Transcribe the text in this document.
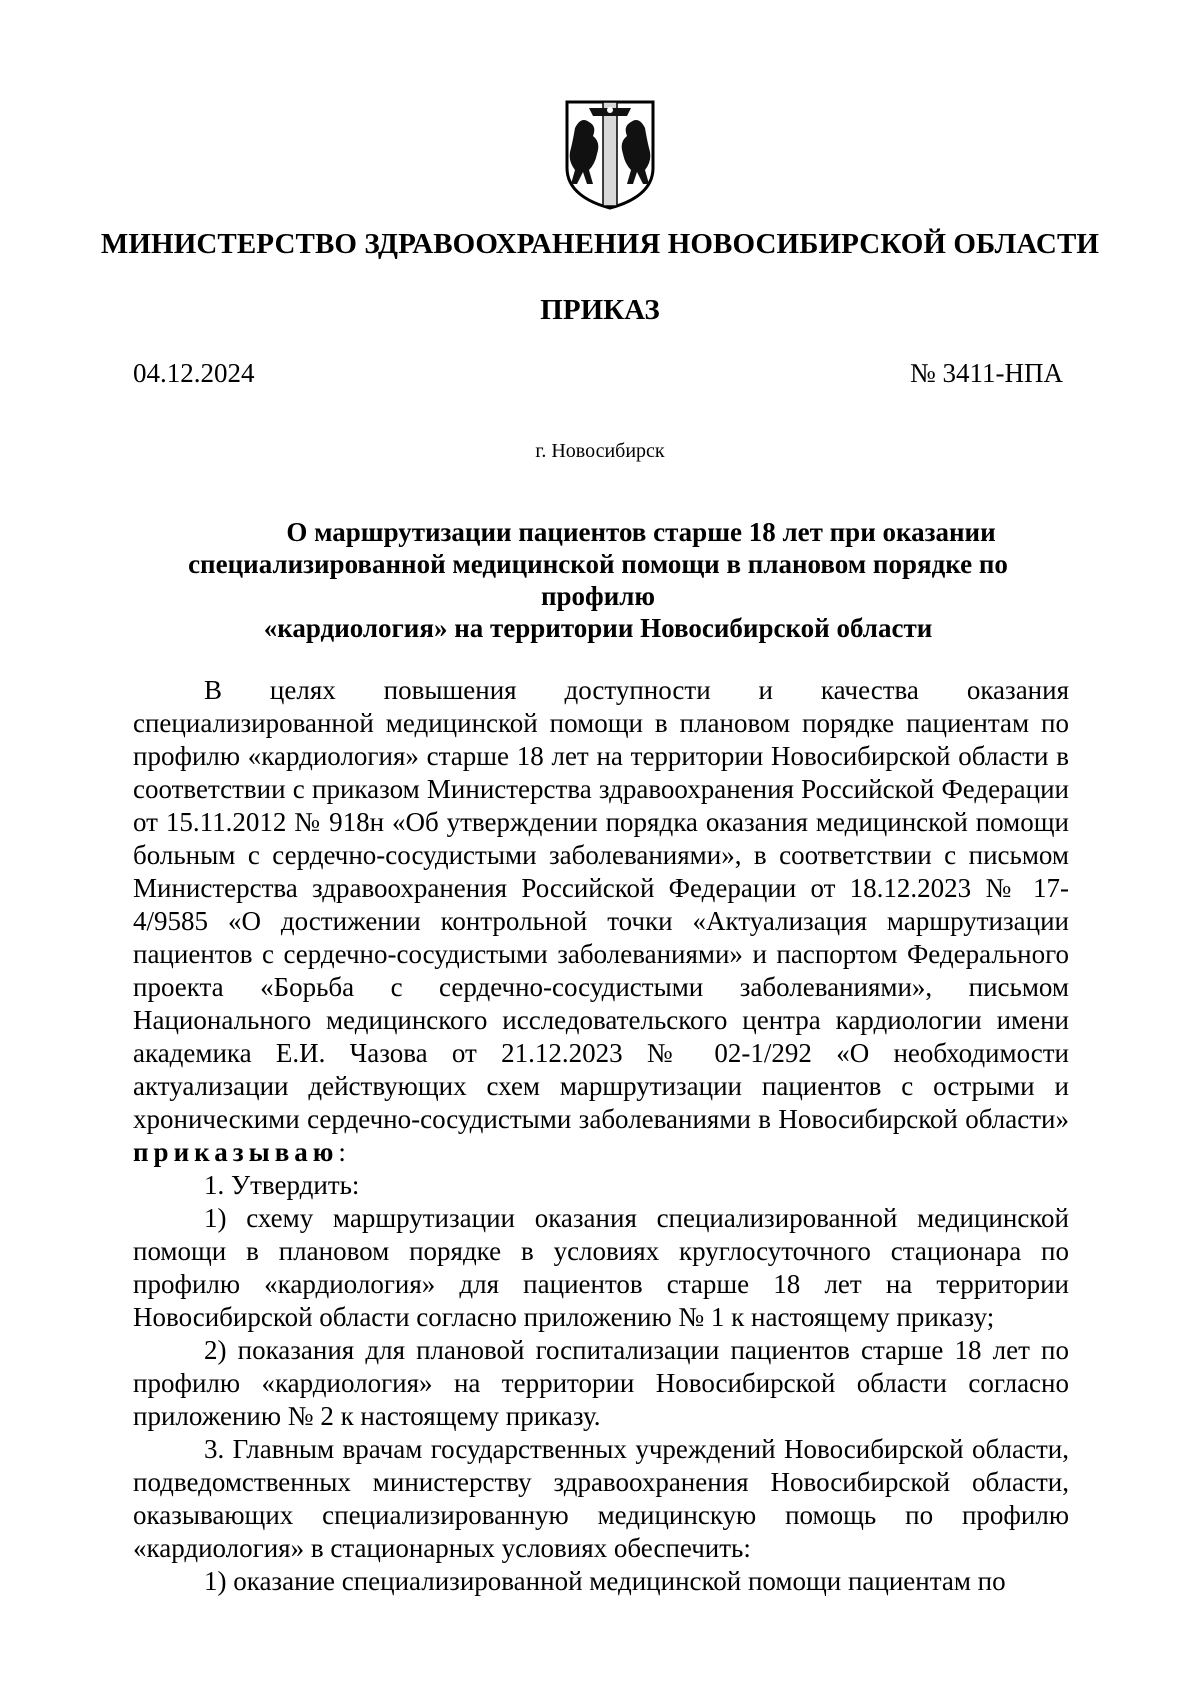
МИНИСТЕРСТВО ЗДРАВООХРАНЕНИЯ НОВОСИБИРСКОЙ ОБЛАСТИ
ПРИКАЗ
04.12.2024	№ 3411-НПА
г. Новосибирск
О маршрутизации пациентов старше 18 лет при оказании
специализированной медицинской помощи в плановом порядке по профилю
«кардиология» на территории Новосибирской области

В целях повышения доступности и качества оказания специализированной медицинской помощи в плановом порядке пациентам по профилю «кардиология» старше 18 лет на территории Новосибирской области в соответствии с приказом Министерства здравоохранения Российской Федерации от 15.11.2012 № 918н «Об утверждении порядка оказания медицинской помощи больным с сердечно-сосудистыми заболеваниями», в соответствии с письмом Министерства здравоохранения Российской Федерации от 18.12.2023 № 17-4/9585 «О достижении контрольной точки «Актуализация маршрутизации пациентов с сердечно-сосудистыми заболеваниями» и паспортом Федерального проекта «Борьба с сердечно-сосудистыми заболеваниями», письмом Национального медицинского исследовательского центра кардиологии имени академика Е.И. Чазова от 21.12.2023 № 02-1/292 «О необходимости актуализации действующих схем маршрутизации пациентов с острыми и хроническими сердечно-сосудистыми заболеваниями в Новосибирской области» приказываю:

1. Утвердить:

1) схему маршрутизации оказания специализированной медицинской помощи в плановом порядке в условиях круглосуточного стационара по профилю «кардиология» для пациентов старше 18 лет на территории Новосибирской области согласно приложению № 1 к настоящему приказу;

2) показания для плановой госпитализации пациентов старше 18 лет по профилю «кардиология» на территории Новосибирской области согласно приложению № 2 к настоящему приказу.

3. Главным врачам государственных учреждений Новосибирской области, подведомственных министерству здравоохранения Новосибирской области, оказывающих специализированную медицинскую помощь по профилю «кардиология» в стационарных условиях обеспечить:

1) оказание специализированной медицинской помощи пациентам по
